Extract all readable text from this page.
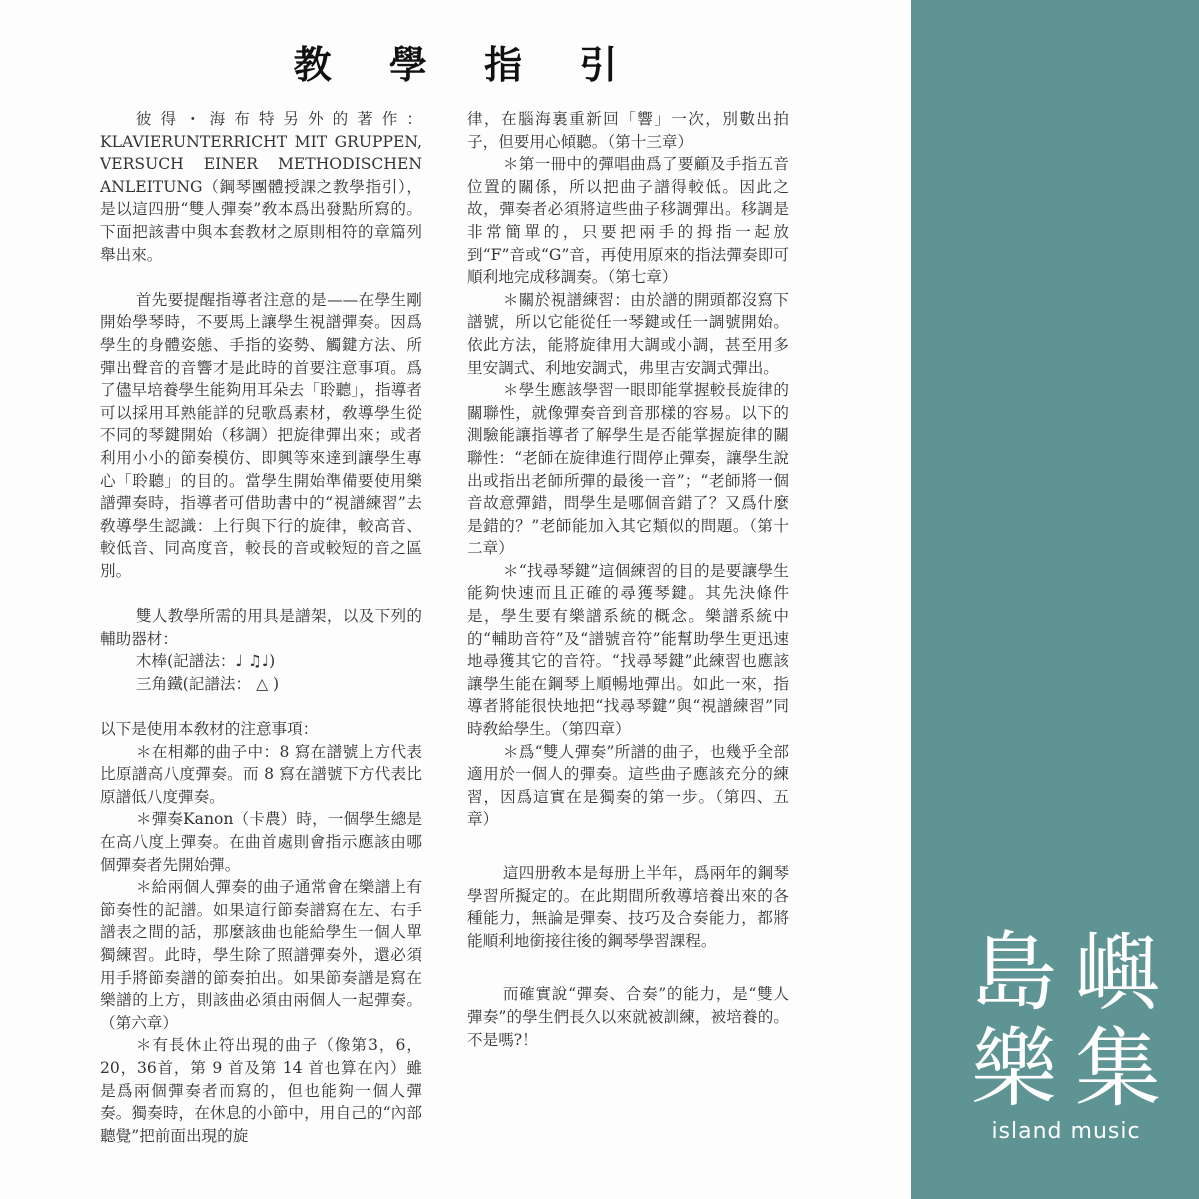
教 學 指 引

彼得・海布特另外的著作：KLAVIERUNTERRICHT MIT GRUPPEN, VERSUCH EINER METHODISCHEN ANLEITUNG（鋼琴團體授課之教學指引），是以這四册“雙人彈奏”敎本爲出發點所寫的。下面把該書中與本套教材之原則相符的章篇列舉出來。

首先要提醒指導者注意的是——在學生剛開始學琴時，不要馬上讓學生視譜彈奏。因爲學生的身體姿態、手指的姿勢、觸鍵方法、所彈出聲音的音響才是此時的首要注意事項。爲了儘早培養學生能夠用耳朵去「聆聽」，指導者可以採用耳熟能詳的兒歌爲素材，敎導學生從不同的琴鍵開始（移調）把旋律彈出來；或者利用小小的節奏模仿、即興等來達到讓學生專心「聆聽」的目的。當學生開始準備要使用樂譜彈奏時，指導者可借助書中的“視譜練習”去敎導學生認識：上行與下行的旋律，較高音、較低音、同高度音，較長的音或較短的音之區別。

雙人教學所需的用具是譜架，以及下列的輔助器材：

木棒(記譜法：♩ ♫♩)

三角鐵(記譜法： △ )

以下是使用本敎材的注意事項：

＊在相鄰的曲子中：8 寫在譜號上方代表比原譜高八度彈奏。而 8 寫在譜號下方代表比原譜低八度彈奏。

＊彈奏Kanon（卡農）時，一個學生總是在高八度上彈奏。在曲首處則會指示應該由哪個彈奏者先開始彈。

＊給兩個人彈奏的曲子通常會在樂譜上有節奏性的記譜。如果這行節奏譜寫在左、右手譜表之間的話，那麼該曲也能給學生一個人單獨練習。此時，學生除了照譜彈奏外，還必須用手將節奏譜的節奏拍出。如果節奏譜是寫在樂譜的上方，則該曲必須由兩個人一起彈奏。（第六章）

＊有長休止符出現的曲子（像第3，6，20，36首，第 9 首及第 14 首也算在內）雖是爲兩個彈奏者而寫的，但也能夠一個人彈奏。獨奏時，在休息的小節中，用自己的“內部聽覺”把前面出現的旋

律，在腦海裏重新回「響」一次，別數出拍子，但要用心傾聽。（第十三章）

＊第一冊中的彈唱曲爲了要顧及手指五音位置的關係，所以把曲子譜得較低。因此之故，彈奏者必須將這些曲子移調彈出。移調是非常簡單的，只要把兩手的拇指一起放到“F”音或“G”音，再使用原來的指法彈奏即可順利地完成移調奏。（第七章）

＊關於視譜練習：由於譜的開頭都沒寫下譜號，所以它能從任一琴鍵或任一調號開始。依此方法，能將旋律用大調或小調，甚至用多里安調式、利地安調式，弗里吉安調式彈出。

＊學生應該學習一眼即能掌握較長旋律的關聯性，就像彈奏音到音那樣的容易。以下的測驗能讓指導者了解學生是否能掌握旋律的關聯性：“老師在旋律進行間停止彈奏，讓學生說出或指出老師所彈的最後一音”；“老師將一個音故意彈錯，問學生是哪個音錯了？又爲什麼是錯的？”老師能加入其它類似的問題。（第十二章）

＊“找尋琴鍵”這個練習的目的是要讓學生能夠快速而且正確的尋獲琴鍵。其先決條件是，學生要有樂譜系統的概念。樂譜系統中的“輔助音符”及“譜號音符”能幫助學生更迅速地尋獲其它的音符。“找尋琴鍵”此練習也應該讓學生能在鋼琴上順暢地彈出。如此一來，指導者將能很快地把“找尋琴鍵”與“視譜練習”同時敎給學生。（第四章）

＊爲“雙人彈奏”所譜的曲子，也幾乎全部適用於一個人的彈奏。這些曲子應該充分的練習，因爲這實在是獨奏的第一步。（第四、五章）

這四册敎本是每册上半年，爲兩年的鋼琴學習所擬定的。在此期間所敎導培養出來的各種能力，無論是彈奏、技巧及合奏能力，都將能順利地銜接往後的鋼琴學習課程。

而確實說“彈奏、合奏”的能力，是“雙人彈奏”的學生們長久以來就被訓練，被培養的。不是嗎?！

島 嶼
樂 集
island music
